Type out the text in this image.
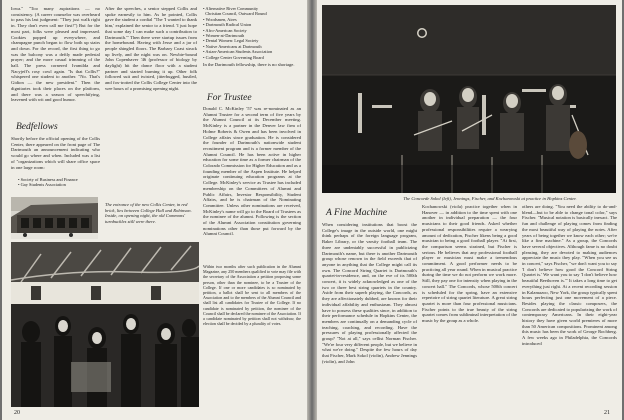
Iowa." "Too many aspirations — no consistency. (A career counselor was overheard to pass his last judgment: "They just walk right in. They don't even call me first!") But for the most part, folks were pleased and impressed. Cookies popped up everywhere, and champagne punch began to flow both up stairs and down. For the record, the first thing to go was the balcony was a deftly made pedestal prayer; and the more casual trimming of the hall. The press cornered Ivamilda and Nacyjeff's rosy cowl again. "Is that Collis?" whispered one student to another. "No. That's Gidion — the new president." Then the dignitaries took their places on the platform, and there was a season of speechifying, leavened with wit and good humor.
Bedfellows
Shortly before the official opening of the Collis Center, there appeared on the front page of The Dartmouth an announcement indicating who would go where and when. Included was a list of "organizations which will share office space in one large room:
• Society of Business and Finance
• Gay Students Association
After the speeches, a senior stepped Collis and spoke earnestly to him. As he pointed, Collis gave the student a cordial "The 'I wanted to thank him,' explained the senior to a friend. 'I just hope that some day I can make such a contribution to Dartmouth.'" Then there were startup issues from the homebound. Having with Jesse and a jar of people shingled floors. The Barbary Coast struck up lively, and the night was on. Newbie-bound John Copenhaver '46 (professor of biology by daylight) hit the dance floor with a student partner and started burning it up. Other folk followed suit and twisted, jitterbugged, hustled, and fox-trotted the Collis College Center into the wee hours of a promising opening night.
The entrance of the new Collis Center, in red brick, lies between College Hall and Robinson. Inside, on opening night, the old Commons' turnbuckles still were there.
• Alternative River Community
Christian Council, Outward Bound
• Woodsmen, Aires
• Dartmouth Radical Union
• Afro-American Society
• Women-at-Dartmouth
• Dental Women: Legal Society
• Native Americans at Dartmouth
• Asian-American Students Association
• College Center Governing Board
In the Dartmouth fellowship, there is no shortage.
For Trustee
Donald C. McKinley '57 was re-nominated as an Alumni Trustee for a second term of five years by the Alumni Council at its December meeting. McKinley is a partner in the Denver law firm of Holme Roberts & Owen and has been involved in College affairs since graduation. He is considered the founder of Dartmouth's nationwide student recruitment program and is a former member of the Alumni Council. He has been active in higher education for some time as a former chairman of the Colorado Commission for Higher Education and as a founding member of the Aspen Institute. He helped originate continuing education programs at the College. McKinley's service as Trustee has included membership on the Committees of Alumni and Public Affairs, Investor Responsibility, Student Affairs, and he is chairman of the Nominating Committee. Unless other nominations are received, McKinley's name will go to the Board of Trustees as the nominee of the alumni. Following is the section of the Alumni Association constitution governing nominations other than those put forward by the Alumni Council.
Within two months after such publication in the Alumni Magazine, any 250 members qualified to vote may file with the secretary of the Association a petition proposing some person, other than the nominee, to be a Trustee of the College. If one or more candidates is so nominated by petition, a ballot shall be sent to all members of the Association and to the members of the Alumni Council and shall list all candidates for Trustee of the College. If no candidate is nominated by petition, the nominee of the Council shall be declared the nominee of the Association. If a candidate nominated by petition shall not withdraw, the election shall be decided by a plurality of votes.
20
The Concorde Sokol (left), Jennings, Fischer, and Kochanowski at practice in Hopkins Center.
A Fine Machine
When considering institutions that boost the College's image in the outside world, one might think perhaps of the foreign language program, Baker Library, or the varsity football team. The three are undeniably successful in publicizing Dartmouth's name, but there is another Dartmouth group whose renown in the field exceeds that of anyone in anything that the College might call its own. The Concord String Quartet is Dartmouth's quartet-in-residence, and, on the eve of its 500th concert, it is widely acknowledged as one of the two or three best string quartets in the country. Aside from their superb playing, the Concords, as they are affectionately dubbed, are known for their individual affability and enthusiasm. They almost have to possess these qualities since, in addition to their performance schedule in Hopkins Center, the members are continually on a demanding cycle of teaching, coaching, and recording. Have the pressures of playing professionally affected the group? "Not at all," says cellist Norman Fischer. "We're four very different people, but we believe in what we're doing." Despite the few hours of day that Fischer, Mark Sokol (violin), Andrew Jennings (violin), and John
Kochanowski (viola) practice together when in Hanover — in addition to the time spent with one another in individual preparation — the four musicians to their good friends. Asked whether professional responsibilities require a wearying amount of dedication, Fischer likens being a good musician to being a good football player. "At first, the comparison seems strained, but Fischer is serious. He believes that any professional football player or musician must make a tremendous commitment. A good performer needs to be practicing all year round. When in musical practice during the time we do not perform we work more. Still, they pay one for intensity when playing in the concert hall." The Concords, whose 500th concert is scheduled for the spring, have an extensive repertoire of string quartet literature. A great string quartet is more than four professional musicians. Fischer points to the true beauty of the string quartet comes from subliminal interpretation of the music by the group as a whole.
others are doing. "You need the ability to do-and-blend—but to be able to change tonal color," says Fischer. "Musical notation is basically inexact. The fun and challenge of playing comes from finding the most beautiful way of playing the notes. After years of being together we know each other; we're like a fine machine." As a group, the Concords have several objectives. Although fame is no doubt pleasing, they are devoted to making audiences appreciate the music they play. "When you see us in concert," says Fischer, "we don't want you to say 'I don't believe how good the Concord String Quartet is.' We want you to say 'I don't believe how beautiful Beethoven is.'" It takes a long time to get everything just right. At a recent recording session in Kalamazoo, New York, the group typically spent hours perfecting just one movement of a piece. Besides playing the classic composers, the Concords are dedicated to popularizing the work of contemporary Americans. In their eight-year history they have given world premieres of more than 50 American compositions. Prominent among this music has been the work of George Rochberg. A few weeks ago in Philadelphia, the Concords introduced
21
